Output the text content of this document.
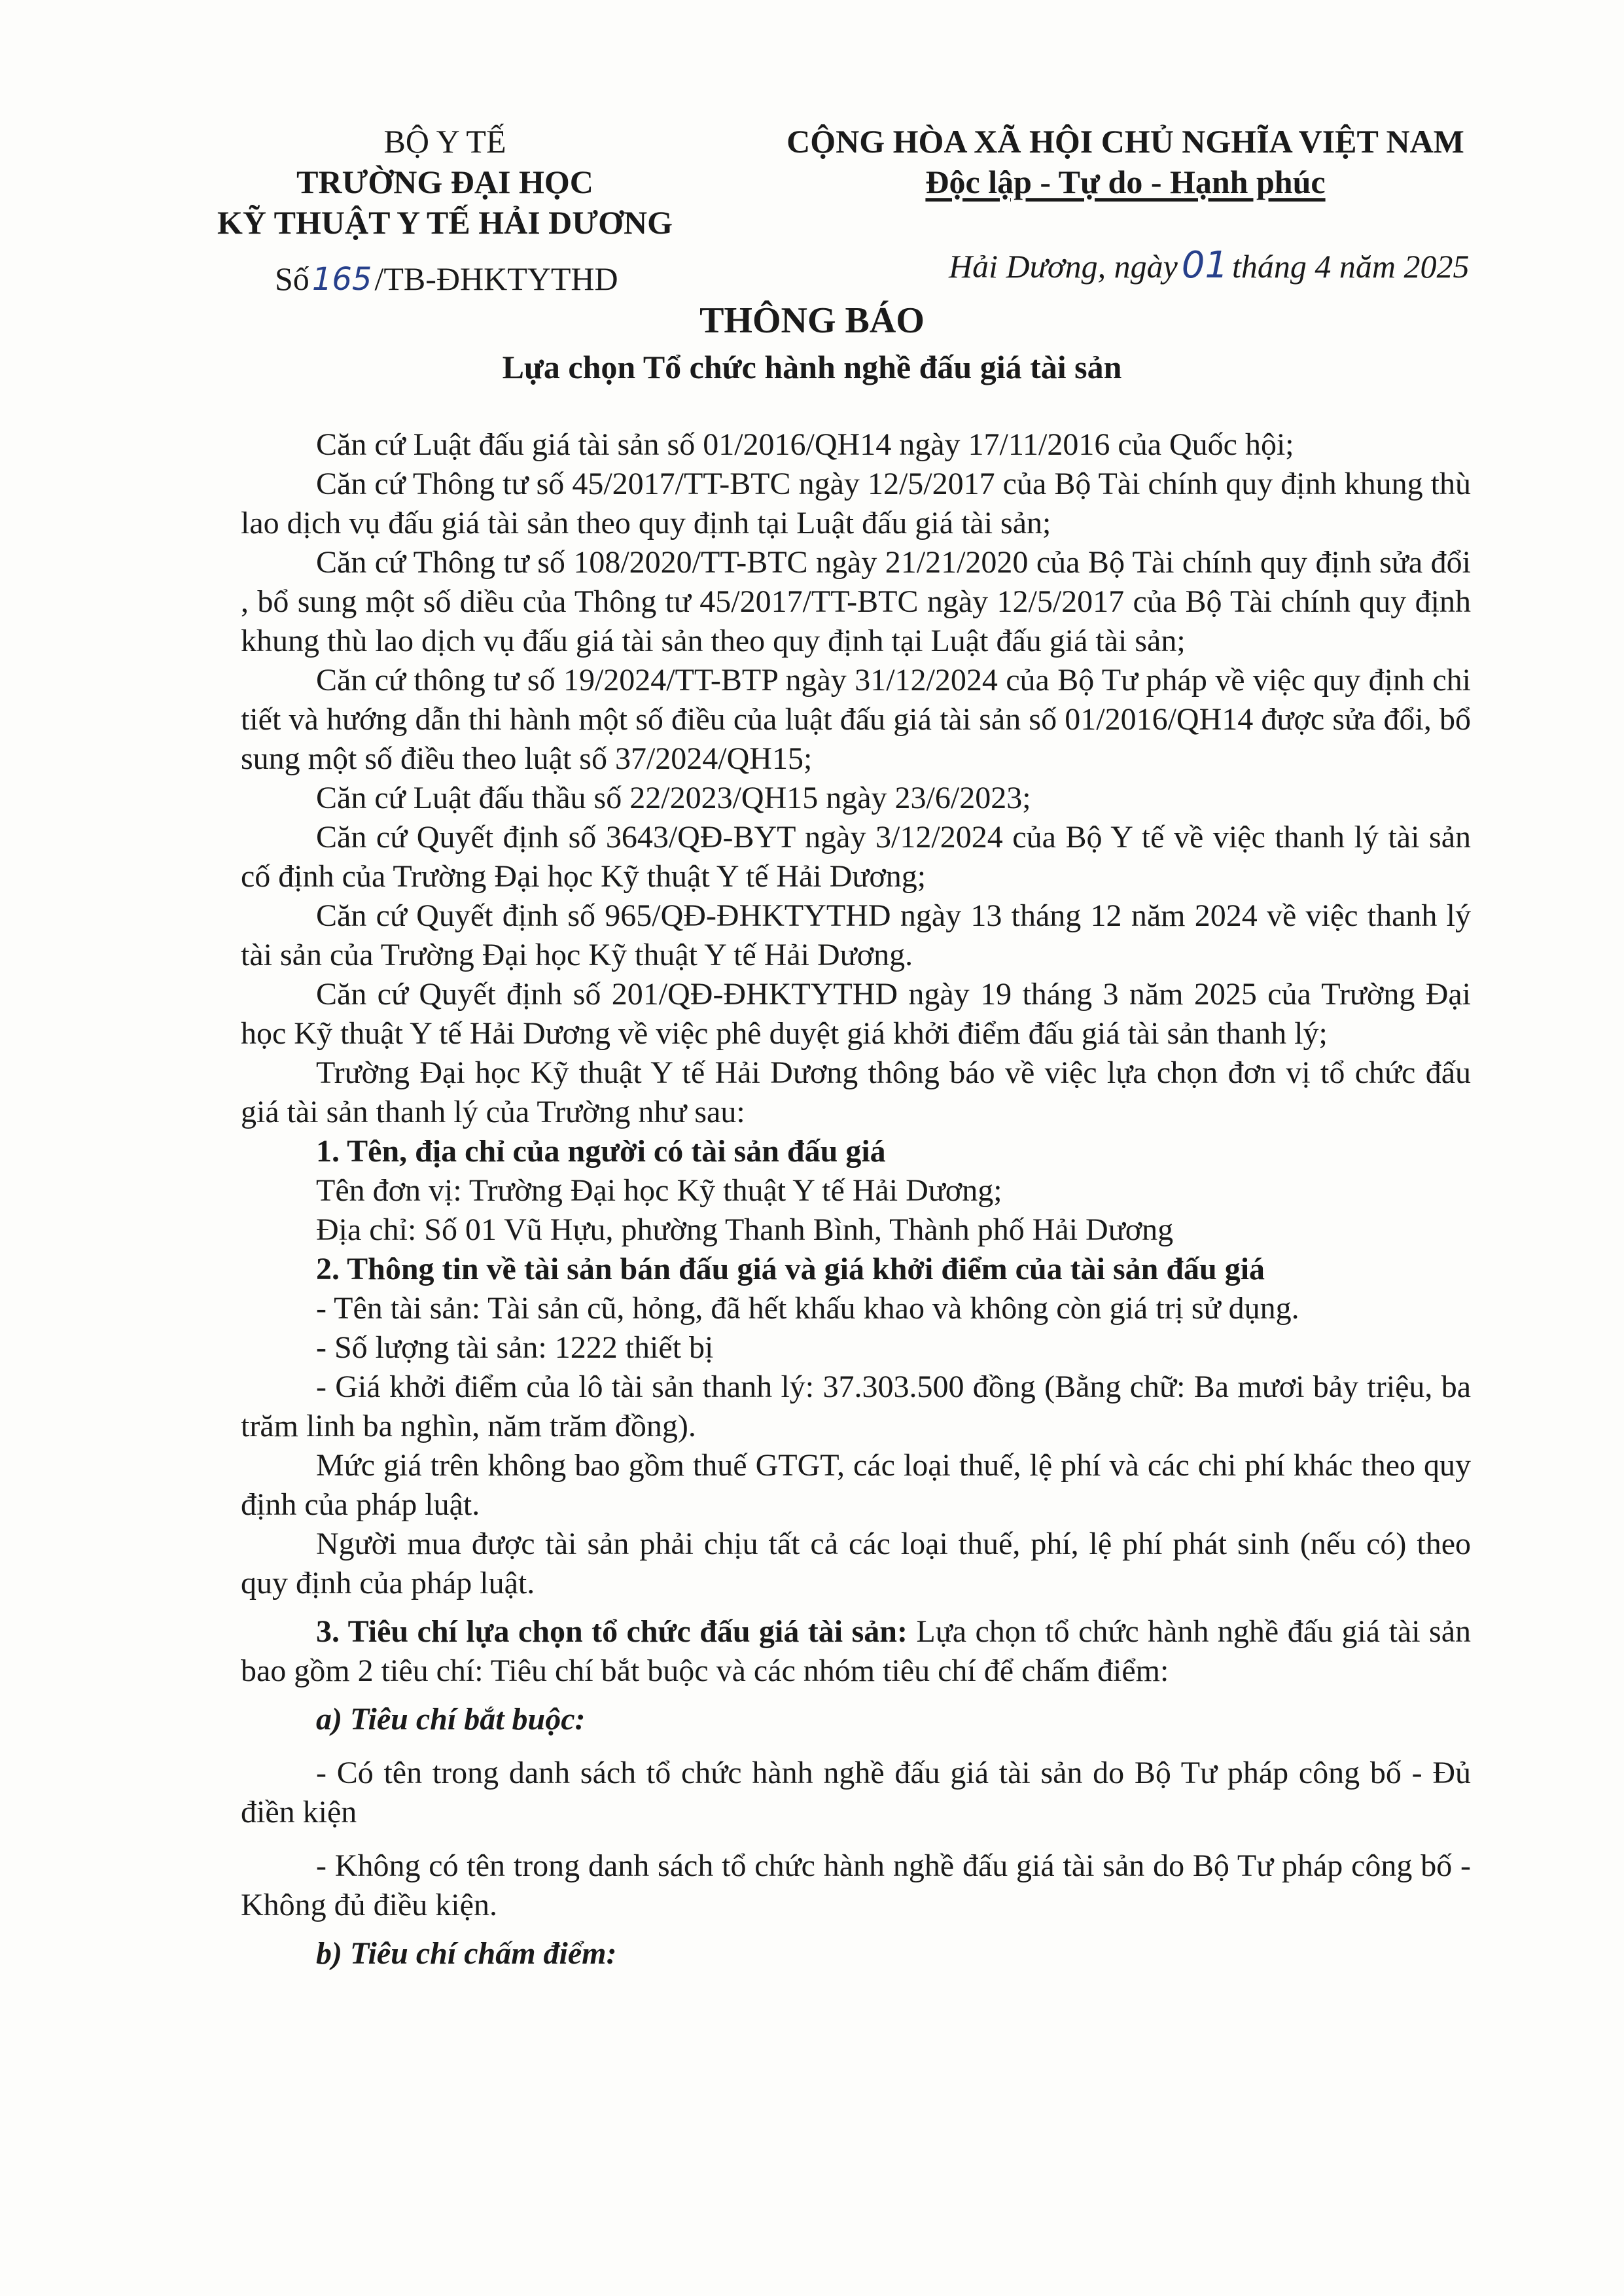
BỘ Y TẾ
TRƯỜNG ĐẠI HỌC
KỸ THUẬT Y TẾ HẢI DƯƠNG
Số165/TB-ĐHKTYTHD
CỘNG HÒA XÃ HỘI CHỦ NGHĨA VIỆT NAM
Độc lập - Tự do - Hạnh phúc
Hải Dương, ngày 01 tháng 4 năm 2025
THÔNG BÁO
Lựa chọn Tổ chức hành nghề đấu giá tài sản

Căn cứ Luật đấu giá tài sản số 01/2016/QH14 ngày 17/11/2016 của Quốc hội;

Căn cứ Thông tư số 45/2017/TT-BTC ngày 12/5/2017 của Bộ Tài chính quy định khung thù lao dịch vụ đấu giá tài sản theo quy định tại Luật đấu giá tài sản;

Căn cứ Thông tư số 108/2020/TT-BTC ngày 21/21/2020 của Bộ Tài chính quy định sửa đổi , bổ sung một số diều của Thông tư 45/2017/TT-BTC ngày 12/5/2017 của Bộ Tài chính quy định khung thù lao dịch vụ đấu giá tài sản theo quy định tại Luật đấu giá tài sản;

Căn cứ thông tư số 19/2024/TT-BTP ngày 31/12/2024 của Bộ Tư pháp về việc quy định chi tiết và hướng dẫn thi hành một số điều của luật đấu giá tài sản số 01/2016/QH14 được sửa đổi, bổ sung một số điều theo luật số 37/2024/QH15;

Căn cứ Luật đấu thầu số 22/2023/QH15 ngày 23/6/2023;

Căn cứ Quyết định số 3643/QĐ-BYT ngày 3/12/2024 của Bộ Y tế về việc thanh lý tài sản cố định của Trường Đại học Kỹ thuật Y tế Hải Dương;

Căn cứ Quyết định số 965/QĐ-ĐHKTYTHD ngày 13 tháng 12 năm 2024 về việc thanh lý tài sản của Trường Đại học Kỹ thuật Y tế Hải Dương.

Căn cứ Quyết định số 201/QĐ-ĐHKTYTHD ngày 19 tháng 3 năm 2025 của Trường Đại học Kỹ thuật Y tế Hải Dương về việc phê duyệt giá khởi điểm đấu giá tài sản thanh lý;

Trường Đại học Kỹ thuật Y tế Hải Dương thông báo về việc lựa chọn đơn vị tổ chức đấu giá tài sản thanh lý của Trường như sau:

1. Tên, địa chỉ của người có tài sản đấu giá

Tên đơn vị: Trường Đại học Kỹ thuật Y tế Hải Dương;

Địa chỉ: Số 01 Vũ Hựu, phường Thanh Bình, Thành phố Hải Dương

2. Thông tin về tài sản bán đấu giá và giá khởi điểm của tài sản đấu giá

- Tên tài sản: Tài sản cũ, hỏng, đã hết khấu khao và không còn giá trị sử dụng.

- Số lượng tài sản: 1222 thiết bị

- Giá khởi điểm của lô tài sản thanh lý: 37.303.500 đồng (Bằng chữ: Ba mươi bảy triệu, ba trăm linh ba nghìn, năm trăm đồng).

Mức giá trên không bao gồm thuế GTGT, các loại thuế, lệ phí và các chi phí khác theo quy định của pháp luật.

Người mua được tài sản phải chịu tất cả các loại thuế, phí, lệ phí phát sinh (nếu có) theo quy định của pháp luật.

3. Tiêu chí lựa chọn tổ chức đấu giá tài sản: Lựa chọn tổ chức hành nghề đấu giá tài sản bao gồm 2 tiêu chí: Tiêu chí bắt buộc và các nhóm tiêu chí để chấm điểm:

a) Tiêu chí bắt buộc:

- Có tên trong danh sách tổ chức hành nghề đấu giá tài sản do Bộ Tư pháp công bố - Đủ điền kiện

- Không có tên trong danh sách tổ chức hành nghề đấu giá tài sản do Bộ Tư pháp công bố - Không đủ điều kiện.

b) Tiêu chí chấm điểm:
